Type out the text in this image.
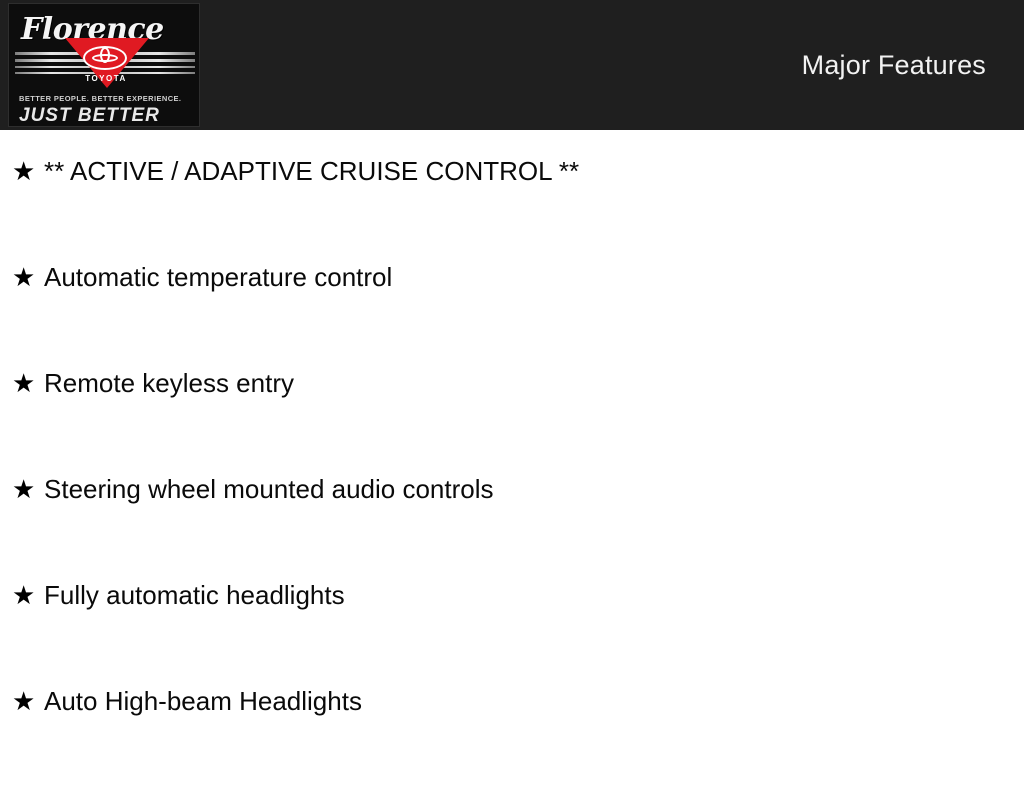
Florence
TOYOTA
BETTER PEOPLE. BETTER EXPERIENCE.
JUST BETTER
Major Features
★ ** ACTIVE / ADAPTIVE CRUISE CONTROL **
★ Automatic temperature control
★ Remote keyless entry
★ Steering wheel mounted audio controls
★ Fully automatic headlights
★ Auto High-beam Headlights
